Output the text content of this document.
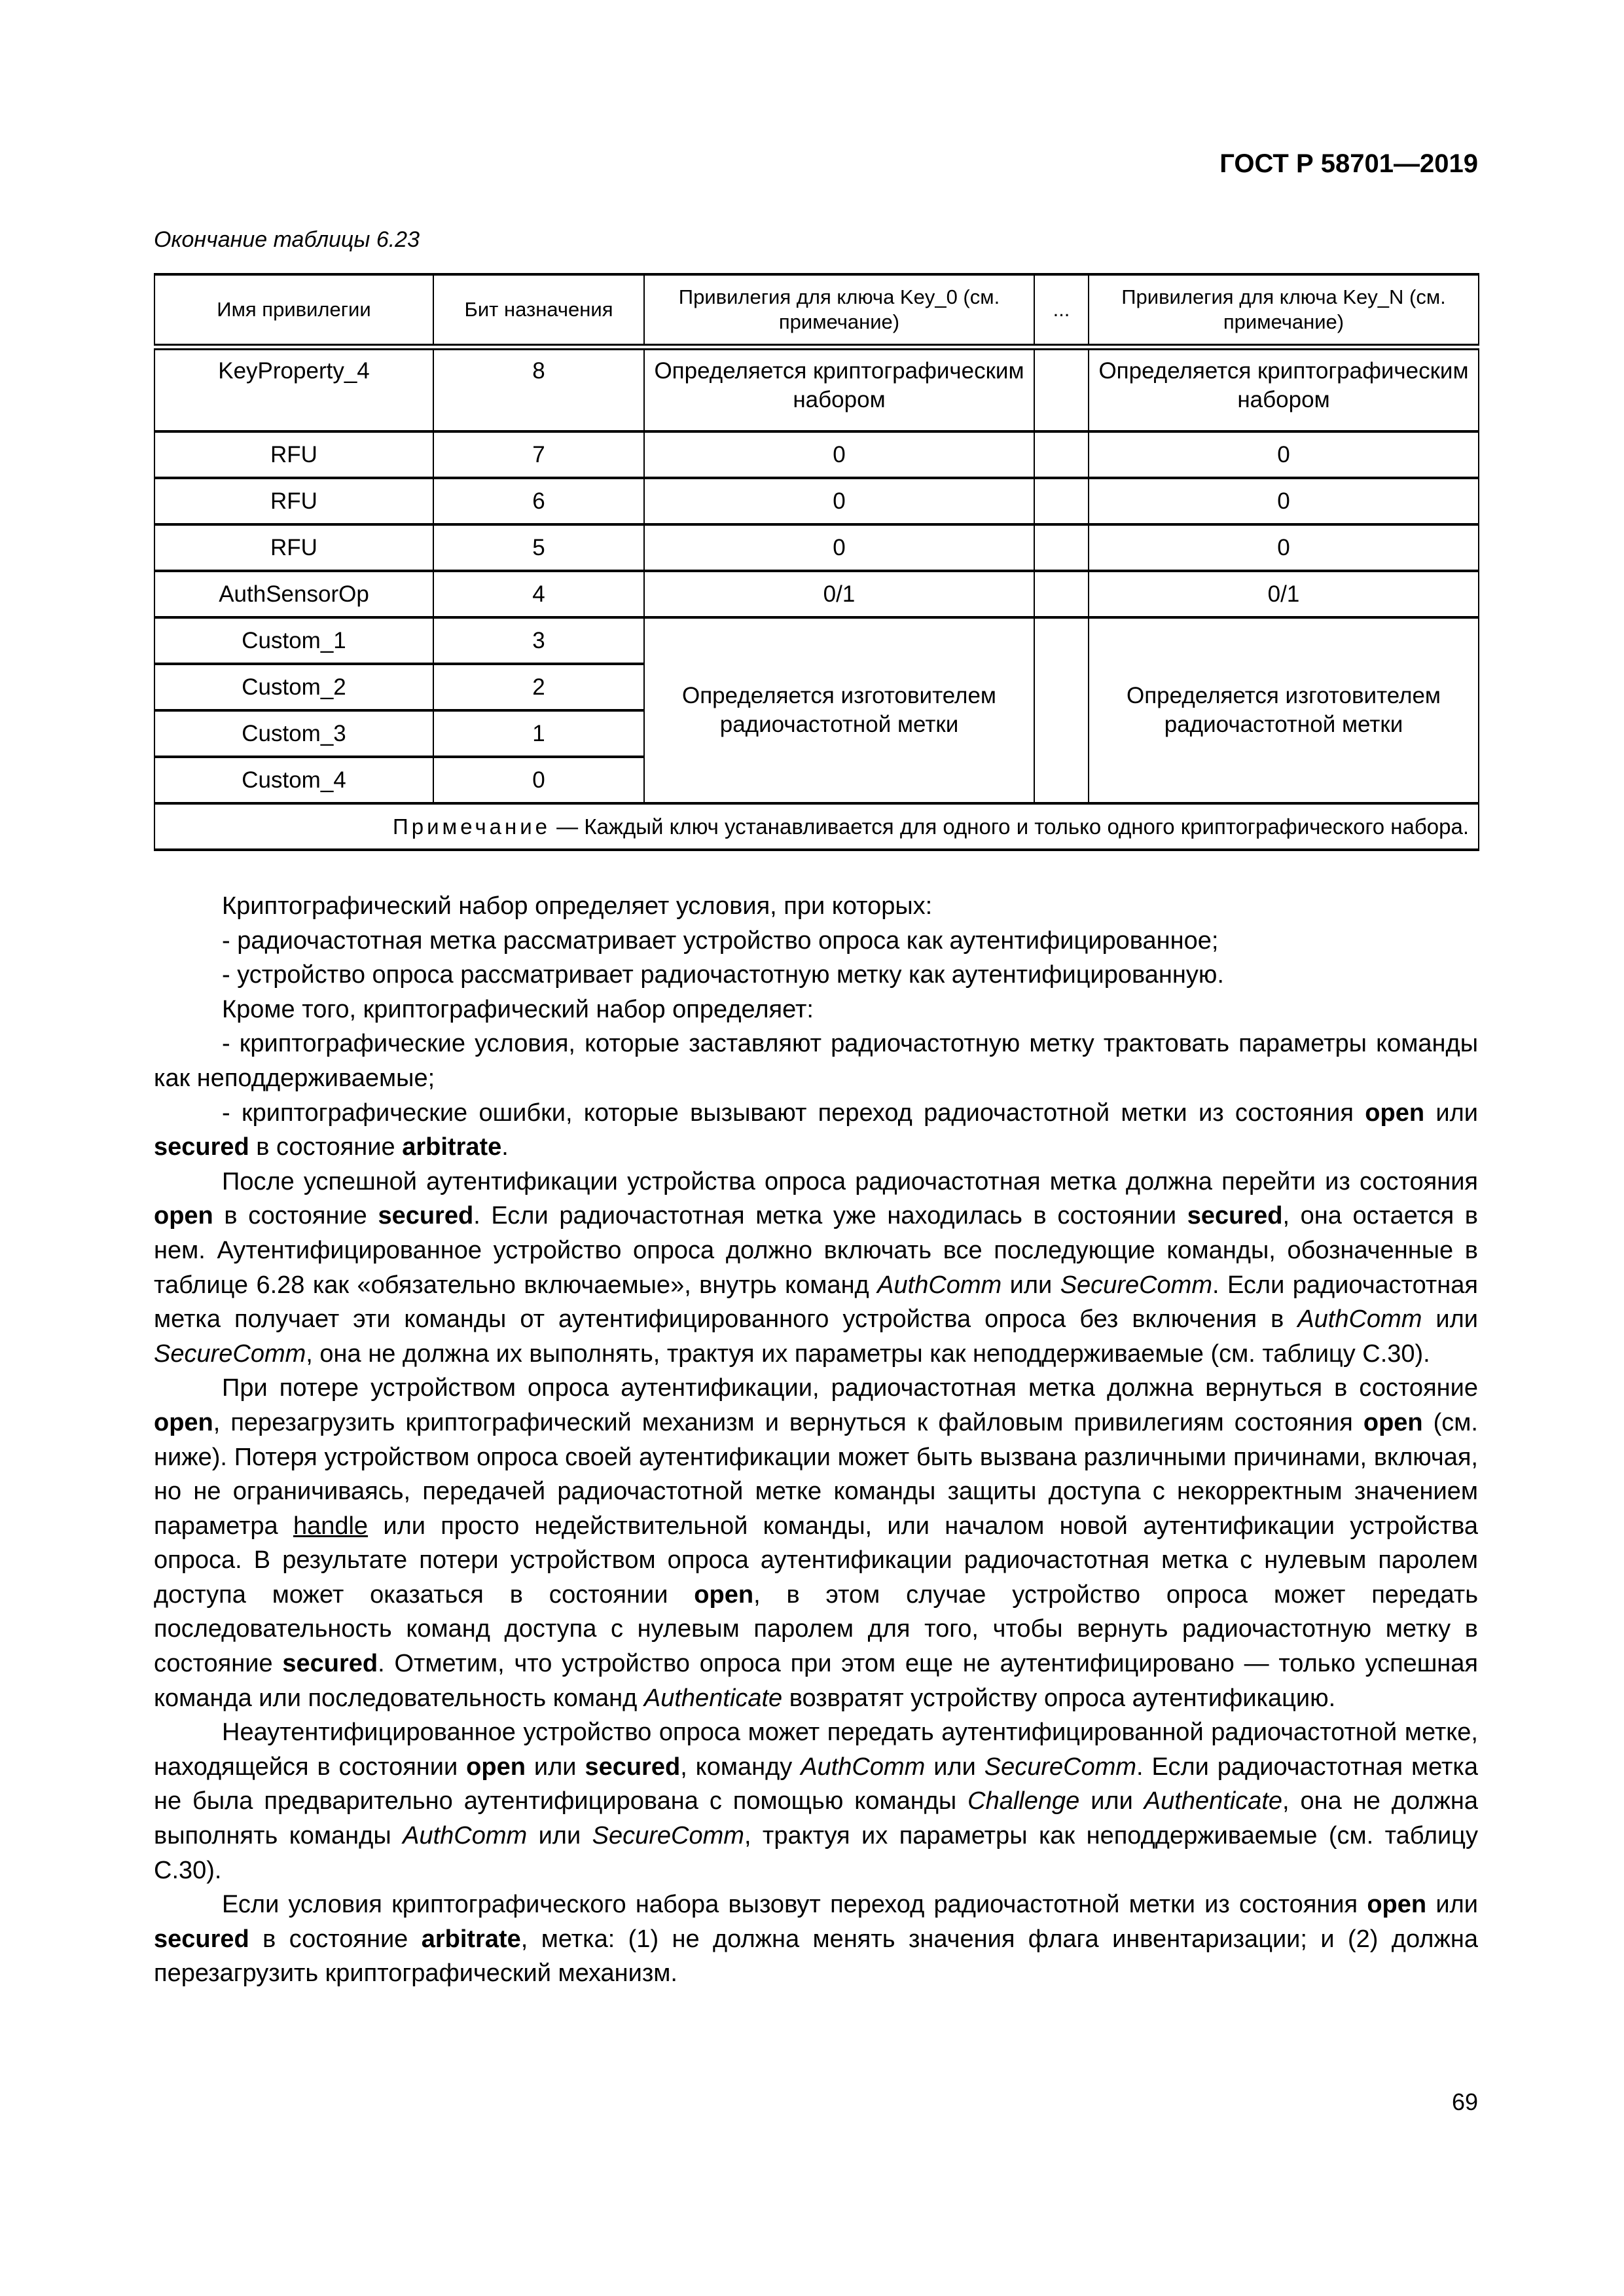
ГОСТ Р 58701—2019
Окончание таблицы 6.23
Имя привилегии	Бит назначения	Привилегия для ключа Key_0 (см. примечание)	...	Привилегия для ключа Key_N (см. примечание)
KeyProperty_4	8	Определяется криптографическим набором		Определяется криптографическим набором
RFU	7	0		0
RFU	6	0		0
RFU	5	0		0
AuthSensorOp	4	0/1		0/1
Custom_1	3	Определяется изготовителем радиочастотной метки		Определяется изготовителем радиочастотной метки
Custom_2	2			
Custom_3	1			
Custom_4	0			
Примечание — Каждый ключ устанавливается для одного и только одного криптографического набора.				

Криптографический набор определяет условия, при которых:

- радиочастотная метка рассматривает устройство опроса как аутентифицированное;

- устройство опроса рассматривает радиочастотную метку как аутентифицированную.

Кроме того, криптографический набор определяет:

- криптографические условия, которые заставляют радиочастотную метку трактовать параметры команды как неподдерживаемые;

- криптографические ошибки, которые вызывают переход радиочастотной метки из состояния open или secured в состояние arbitrate.

После успешной аутентификации устройства опроса радиочастотная метка должна перейти из состояния open в состояние secured. Если радиочастотная метка уже находилась в состоянии secured, она остается в нем. Аутентифицированное устройство опроса должно включать все последующие команды, обозначенные в таблице 6.28 как «обязательно включаемые», внутрь команд AuthComm или SecureComm. Если радиочастотная метка получает эти команды от аутентифицированного устройства опроса без включения в AuthComm или SecureComm, она не должна их выполнять, трактуя их параметры как неподдерживаемые (см. таблицу С.30).

При потере устройством опроса аутентификации, радиочастотная метка должна вернуться в состояние open, перезагрузить криптографический механизм и вернуться к файловым привилегиям состояния open (см. ниже). Потеря устройством опроса своей аутентификации может быть вызвана различными причинами, включая, но не ограничиваясь, передачей радиочастотной метке команды защиты доступа с некорректным значением параметра handle или просто недействительной команды, или началом новой аутентификации устройства опроса. В результате потери устройством опроса аутентификации радиочастотная метка с нулевым паролем доступа может оказаться в состоянии open, в этом случае устройство опроса может передать последовательность команд доступа с нулевым паролем для того, чтобы вернуть радиочастотную метку в состояние secured. Отметим, что устройство опроса при этом еще не аутентифицировано — только успешная команда или последовательность команд Authenticate возвратят устройству опроса аутентификацию.

Неаутентифицированное устройство опроса может передать аутентифицированной радиочастотной метке, находящейся в состоянии open или secured, команду AuthComm или SecureComm. Если радиочастотная метка не была предварительно аутентифицирована с помощью команды Challenge или Authenticate, она не должна выполнять команды AuthComm или SecureComm, трактуя их параметры как неподдерживаемые (см. таблицу С.30).

Если условия криптографического набора вызовут переход радиочастотной метки из состояния open или secured в состояние arbitrate, метка: (1) не должна менять значения флага инвентаризации; и (2) должна перезагрузить криптографический механизм.

69
